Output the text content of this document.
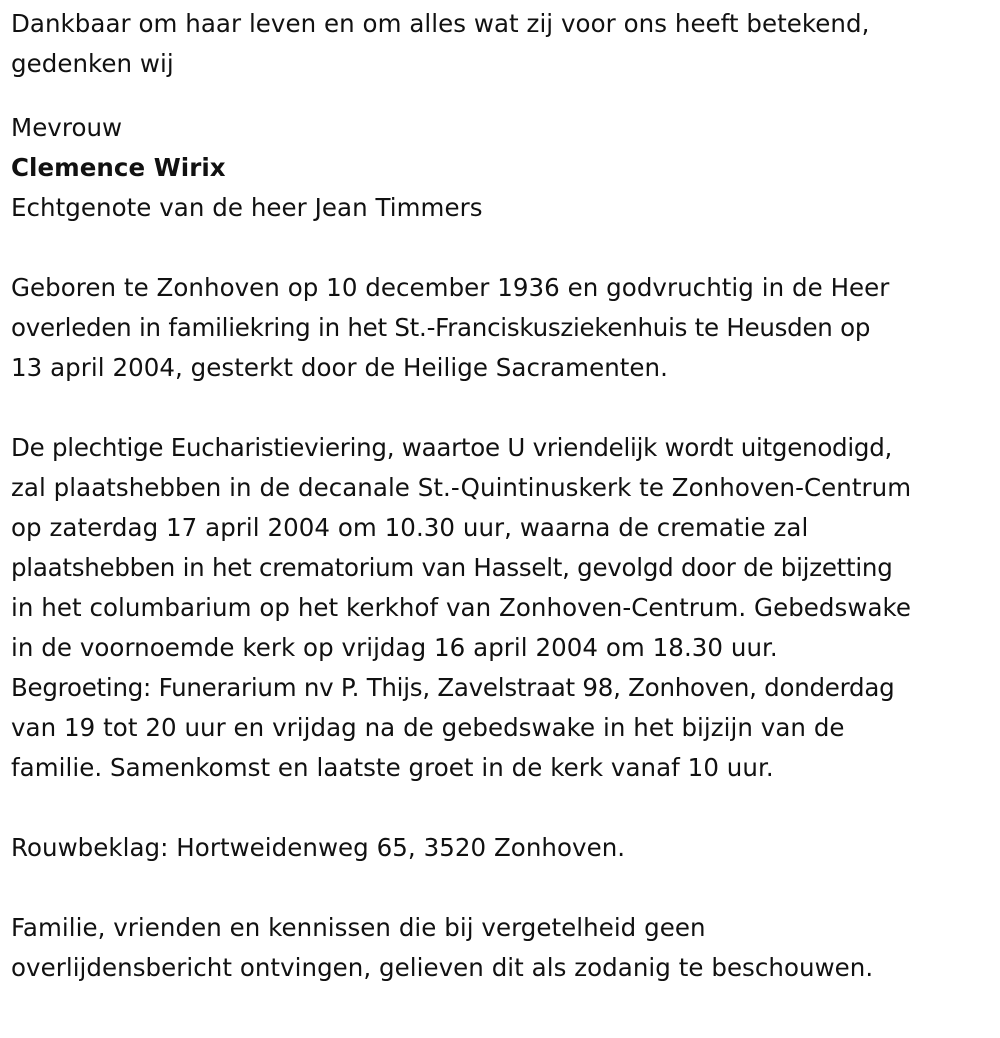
Dankbaar om haar leven en om alles wat zij voor ons heeft betekend,
gedenken wij
Mevrouw
Clemence Wirix
Echtgenote van de heer Jean Timmers
Geboren te Zonhoven op 10 december 1936 en godvruchtig in de Heer
overleden in familiekring in het St.-Franciskusziekenhuis te Heusden op
13 april 2004, gesterkt door de Heilige Sacramenten.
De plechtige Eucharistieviering, waartoe U vriendelijk wordt uitgenodigd,
zal plaatshebben in de decanale St.-Quintinuskerk te Zonhoven-Centrum
op zaterdag 17 april 2004 om 10.30 uur, waarna de crematie zal
plaatshebben in het crematorium van Hasselt, gevolgd door de bijzetting
in het columbarium op het kerkhof van Zonhoven-Centrum. Gebedswake
in de voornoemde kerk op vrijdag 16 april 2004 om 18.30 uur.
Begroeting: Funerarium nv P. Thijs, Zavelstraat 98, Zonhoven, donderdag
van 19 tot 20 uur en vrijdag na de gebedswake in het bijzijn van de
familie. Samenkomst en laatste groet in de kerk vanaf 10 uur.
Rouwbeklag: Hortweidenweg 65, 3520 Zonhoven.
Familie, vrienden en kennissen die bij vergetelheid geen
overlijdensbericht ontvingen, gelieven dit als zodanig te beschouwen.
